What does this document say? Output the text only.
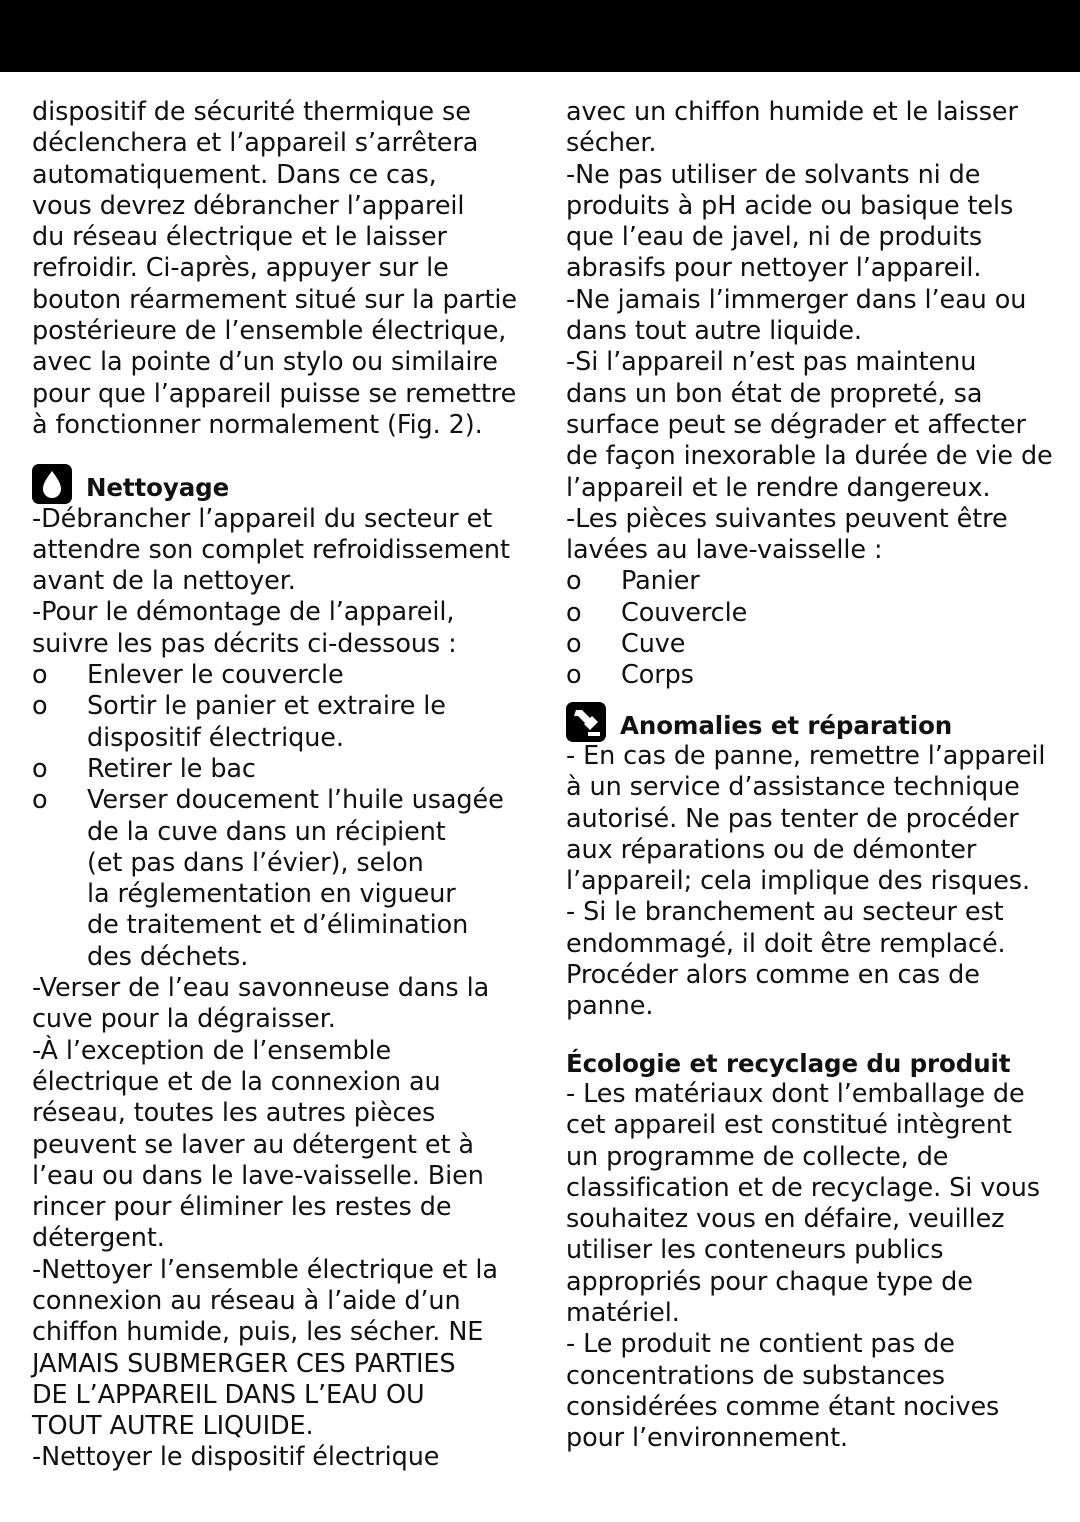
dispositif de sécurité thermique se
déclenchera et l’appareil s’arrêtera
automatiquement. Dans ce cas,
vous devrez débrancher l’appareil
du réseau électrique et le laisser
refroidir. Ci-après, appuyer sur le
bouton réarmement situé sur la partie
postérieure de l’ensemble électrique,
avec la pointe d’un stylo ou similaire
pour que l’appareil puisse se remettre
à fonctionner normalement (Fig. 2).
Nettoyage
-Débrancher l’appareil du secteur et
attendre son complet refroidissement
avant de la nettoyer.
-Pour le démontage de l’appareil,
suivre les pas décrits ci-dessous :
o Enlever le couvercle
o Sortir le panier et extraire le
dispositif électrique.
o Retirer le bac
o Verser doucement l’huile usagée
de la cuve dans un récipient
(et pas dans l’évier), selon
la réglementation en vigueur
de traitement et d’élimination
des déchets.
-Verser de l’eau savonneuse dans la
cuve pour la dégraisser.
-À l’exception de l’ensemble
électrique et de la connexion au
réseau, toutes les autres pièces
peuvent se laver au détergent et à
l’eau ou dans le lave-vaisselle. Bien
rincer pour éliminer les restes de
détergent.
-Nettoyer l’ensemble électrique et la
connexion au réseau à l’aide d’un
chiffon humide, puis, les sécher. NE
JAMAIS SUBMERGER CES PARTIES
DE L’APPAREIL DANS L’EAU OU
TOUT AUTRE LIQUIDE.
-Nettoyer le dispositif électrique
avec un chiffon humide et le laisser
sécher.
-Ne pas utiliser de solvants ni de
produits à pH acide ou basique tels
que l’eau de javel, ni de produits
abrasifs pour nettoyer l’appareil.
-Ne jamais l’immerger dans l’eau ou
dans tout autre liquide.
-Si l’appareil n’est pas maintenu
dans un bon état de propreté, sa
surface peut se dégrader et affecter
de façon inexorable la durée de vie de
l’appareil et le rendre dangereux.
-Les pièces suivantes peuvent être
lavées au lave-vaisselle :
o Panier
o Couvercle
o Cuve
o Corps
Anomalies et réparation
- En cas de panne, remettre l’appareil
à un service d’assistance technique
autorisé. Ne pas tenter de procéder
aux réparations ou de démonter
l’appareil; cela implique des risques.
- Si le branchement au secteur est
endommagé, il doit être remplacé.
Procéder alors comme en cas de
panne.
Écologie et recyclage du produit
- Les matériaux dont l’emballage de
cet appareil est constitué intègrent
un programme de collecte, de
classification et de recyclage. Si vous
souhaitez vous en défaire, veuillez
utiliser les conteneurs publics
appropriés pour chaque type de
matériel.
- Le produit ne contient pas de
concentrations de substances
considérées comme étant nocives
pour l’environnement.
